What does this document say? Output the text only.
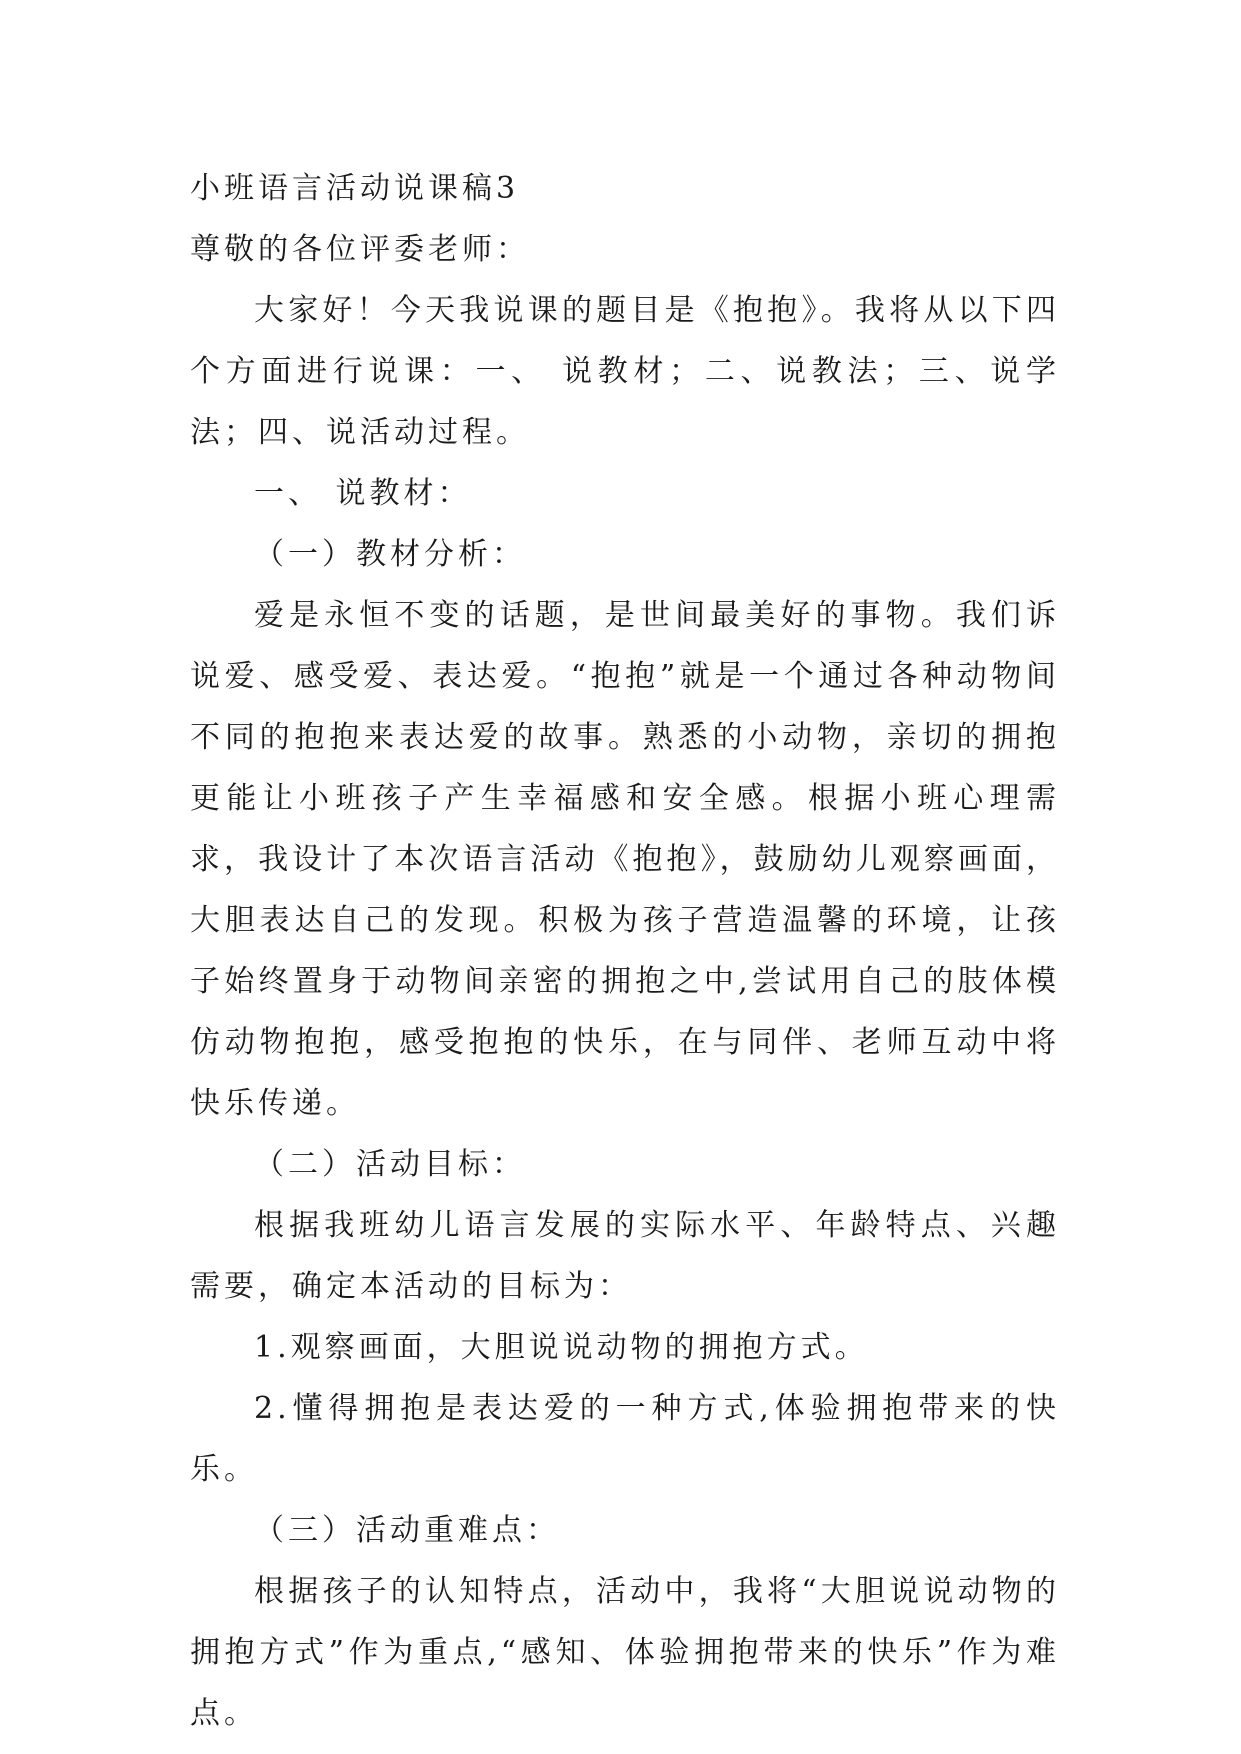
小班语言活动说课稿3

尊敬的各位评委老师：

大家好！今天我说课的题目是《抱抱》。我将从以下四个方面进行说课：一、 说教材；二、说教法；三、说学法；四、说活动过程。

一、 说教材：

（一）教材分析：

爱是永恒不变的话题，是世间最美好的事物。我们诉说爱、感受爱、表达爱。“抱抱”就是一个通过各种动物间不同的抱抱来表达爱的故事。熟悉的小动物，亲切的拥抱更能让小班孩子产生幸福感和安全感。根据小班心理需求，我设计了本次语言活动《抱抱》，鼓励幼儿观察画面，大胆表达自己的发现。积极为孩子营造温馨的环境，让孩子始终置身于动物间亲密的拥抱之中,尝试用自己的肢体模仿动物抱抱，感受抱抱的快乐，在与同伴、老师互动中将快乐传递。

（二）活动目标：

根据我班幼儿语言发展的实际水平、年龄特点、兴趣需要，确定本活动的目标为：

1.观察画面，大胆说说动物的拥抱方式。

2.懂得拥抱是表达爱的一种方式,体验拥抱带来的快乐。

（三）活动重难点：

根据孩子的认知特点，活动中，我将“大胆说说动物的拥抱方式”作为重点,“感知、体验拥抱带来的快乐”作为难点。
